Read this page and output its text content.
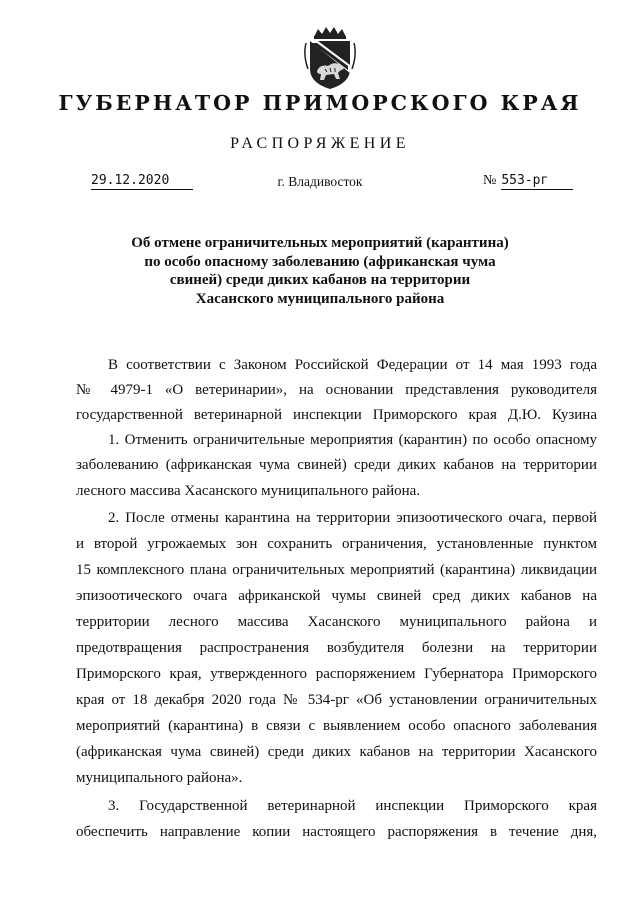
ГУБЕРНАТОР ПРИМОРСКОГО КРАЯ
РАСПОРЯЖЕНИЕ
29.12.2020	г. Владивосток	№ 553-рг
Об отмене ограничительных мероприятий (карантина)
по особо опасному заболеванию (африканская чума
свиней) среди диких кабанов на территории
Хасанского муниципального района
В соответствии с Законом Российской Федерации от 14 мая 1993 года
№ 4979-1 «О ветеринарии», на основании представления руководителя
государственной ветеринарной инспекции Приморского края Д.Ю. Кузина
1. Отменить ограничительные мероприятия (карантин) по особо опасному
заболеванию (африканская чума свиней) среди диких кабанов на территории
лесного массива Хасанского муниципального района.
2. После отмены карантина на территории эпизоотического очага, первой
и второй угрожаемых зон сохранить ограничения, установленные пунктом
15 комплексного плана ограничительных мероприятий (карантина) ликвидации
эпизоотического очага африканской чумы свиней сред диких кабанов на
территории лесного массива Хасанского муниципального района и
предотвращения распространения возбудителя болезни на территории
Приморского края, утвержденного распоряжением Губернатора Приморского
края от 18 декабря 2020 года № 534-рг «Об установлении ограничительных
мероприятий (карантина) в связи с выявлением особо опасного заболевания
(африканская чума свиней) среди диких кабанов на территории Хасанского
муниципального района».
3. Государственной ветеринарной инспекции Приморского края
обеспечить направление копии настоящего распоряжения в течение дня,
